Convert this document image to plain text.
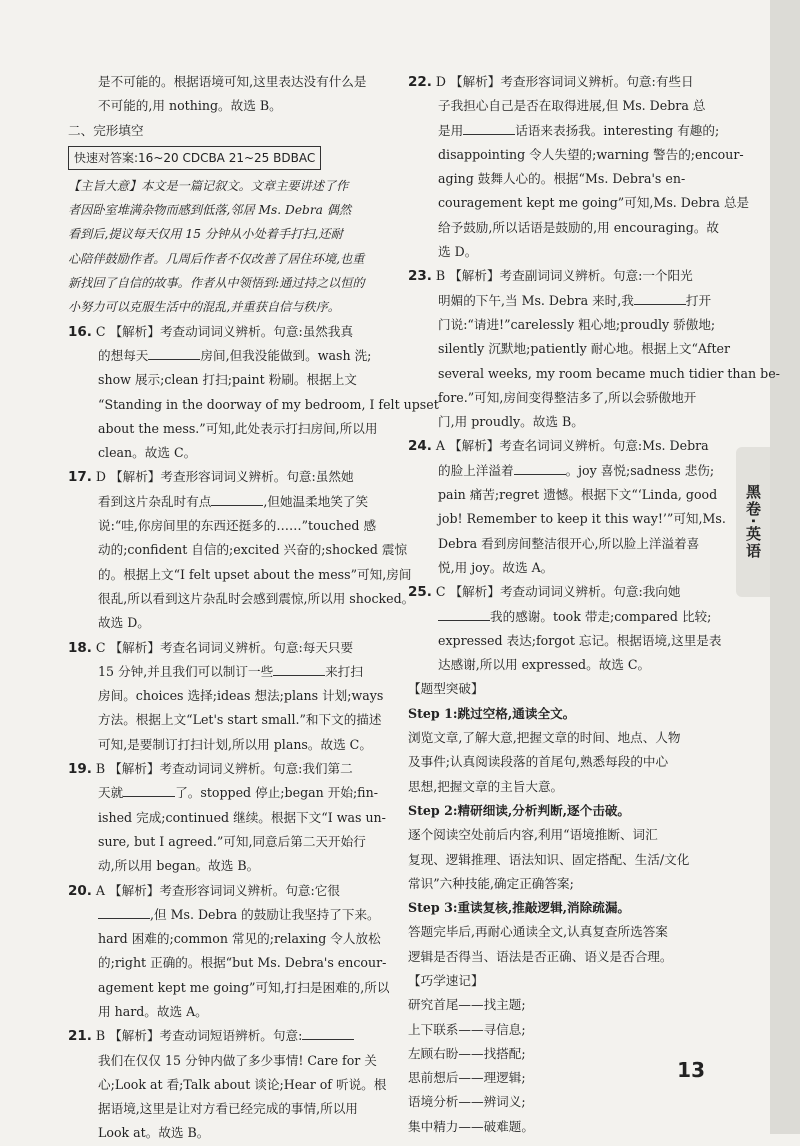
是不可能的。根据语境可知,这里表达没有什么是
不可能的,用 nothing。故选 B。
二、完形填空
快速对答案:16~20 CDCBA 21~25 BDBAC
【主旨大意】本文是一篇记叙文。文章主要讲述了作
者因卧室堆满杂物而感到低落,邻居 Ms. Debra 偶然
看到后,提议每天仅用 15 分钟从小处着手打扫,还耐
心陪伴鼓励作者。几周后作者不仅改善了居住环境,也重
新找回了自信的故事。作者从中领悟到:通过持之以恒的
小努力可以克服生活中的混乱,并重获自信与秩序。
16. C 【解析】考查动词词义辨析。句意:虽然我真
的想每天	房间,但我没能做到。wash 洗;
show 展示;clean 打扫;paint 粉刷。根据上文
“Standing in the doorway of my bedroom, I felt upset
about the mess.”可知,此处表示打扫房间,所以用
clean。故选 C。
17. D 【解析】考查形容词词义辨析。句意:虽然她
看到这片杂乱时有点	,但她温柔地笑了笑
说:“哇,你房间里的东西还挺多的……”touched 感
动的;confident 自信的;excited 兴奋的;shocked 震惊
的。根据上文“I felt upset about the mess”可知,房间
很乱,所以看到这片杂乱时会感到震惊,所以用 shocked。
故选 D。
18. C 【解析】考查名词词义辨析。句意:每天只要
15 分钟,并且我们可以制订一些	来打扫
房间。choices 选择;ideas 想法;plans 计划;ways
方法。根据上文“Let's start small.”和下文的描述
可知,是要制订打扫计划,所以用 plans。故选 C。
19. B 【解析】考查动词词义辨析。句意:我们第二
天就	了。stopped 停止;began 开始;fin-
ished 完成;continued 继续。根据下文“I was un-
sure, but I agreed.”可知,同意后第二天开始行
动,所以用 began。故选 B。
20. A 【解析】考查形容词词义辨析。句意:它很
,但 Ms. Debra 的鼓励让我坚持了下来。
hard 困难的;common 常见的;relaxing 令人放松
的;right 正确的。根据“but Ms. Debra's encour-
agement kept me going”可知,打扫是困难的,所以
用 hard。故选 A。
21. B 【解析】考查动词短语辨析。句意:
我们在仅仅 15 分钟内做了多少事情! Care for 关
心;Look at 看;Talk about 谈论;Hear of 听说。根
据语境,这里是让对方看已经完成的事情,所以用
Look at。故选 B。
22. D 【解析】考查形容词词义辨析。句意:有些日
子我担心自己是否在取得进展,但 Ms. Debra 总
是用	话语来表扬我。interesting 有趣的;
disappointing 令人失望的;warning 警告的;encour-
aging 鼓舞人心的。根据“Ms. Debra's en-
couragement kept me going”可知,Ms. Debra 总是
给予鼓励,所以话语是鼓励的,用 encouraging。故
选 D。
23. B 【解析】考查副词词义辨析。句意:一个阳光
明媚的下午,当 Ms. Debra 来时,我	打开
门说:“请进!”carelessly 粗心地;proudly 骄傲地;
silently 沉默地;patiently 耐心地。根据上文“After
several weeks, my room became much tidier than be-
fore.”可知,房间变得整洁多了,所以会骄傲地开
门,用 proudly。故选 B。
24. A 【解析】考查名词词义辨析。句意:Ms. Debra
的脸上洋溢着	。joy 喜悦;sadness 悲伤;
pain 痛苦;regret 遗憾。根据下文“‘Linda, good
job! Remember to keep it this way!’”可知,Ms.
Debra 看到房间整洁很开心,所以脸上洋溢着喜
悦,用 joy。故选 A。
25. C 【解析】考查动词词义辨析。句意:我向她
我的感谢。took 带走;compared 比较;
expressed 表达;forgot 忘记。根据语境,这里是表
达感谢,所以用 expressed。故选 C。
【题型突破】
Step 1:跳过空格,通读全文。
浏览文章,了解大意,把握文章的时间、地点、人物
及事件;认真阅读段落的首尾句,熟悉每段的中心
思想,把握文章的主旨大意。
Step 2:精研细读,分析判断,逐个击破。
逐个阅读空处前后内容,利用“语境推断、词汇
复现、逻辑推理、语法知识、固定搭配、生活/文化
常识”六种技能,确定正确答案;
Step 3:重读复核,推敲逻辑,消除疏漏。
答题完毕后,再耐心通读全文,认真复查所选答案
逻辑是否得当、语法是否正确、语义是否合理。
【巧学速记】
研究首尾——找主题;
上下联系——寻信息;
左顾右盼——找搭配;
思前想后——理逻辑;
语境分析——辨词义;
集中精力——破难题。
黑卷·英语
13
